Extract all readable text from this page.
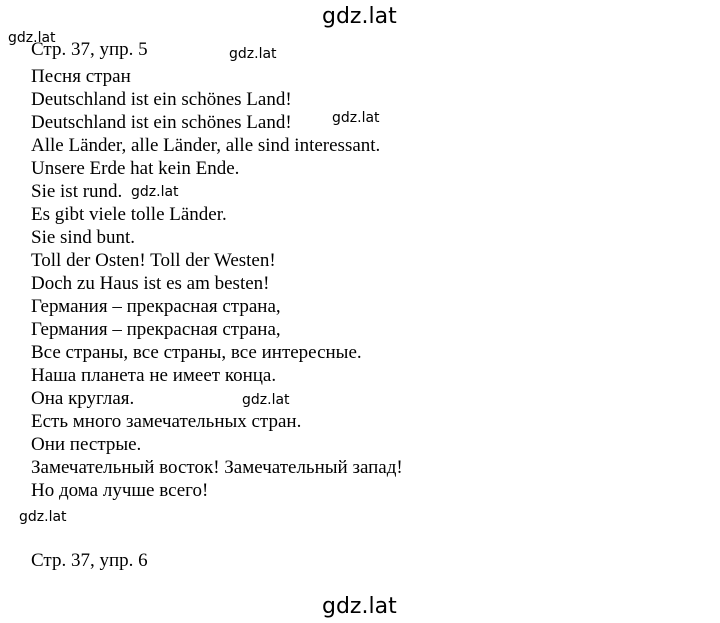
gdz.lat
gdz.lat
gdz.lat
gdz.lat
gdz.lat
gdz.lat
gdz.lat
gdz.lat
Стр. 37, упр. 5
Песня стран
Deutschland ist ein schönes Land!
Deutschland ist ein schönes Land!
Alle Länder, alle Länder, alle sind interessant.
Unsere Erde hat kein Ende.
Sie ist rund.
Es gibt viele tolle Länder.
Sie sind bunt.
Toll der Osten! Toll der Westen!
Doch zu Haus ist es am besten!
Германия – прекрасная страна,
Германия – прекрасная страна,
Все страны, все страны, все интересные.
Наша планета не имеет конца.
Она круглая.
Есть много замечательных стран.
Они пестрые.
Замечательный восток! Замечательный запад!
Но дома лучше всего!
Стр. 37, упр. 6
